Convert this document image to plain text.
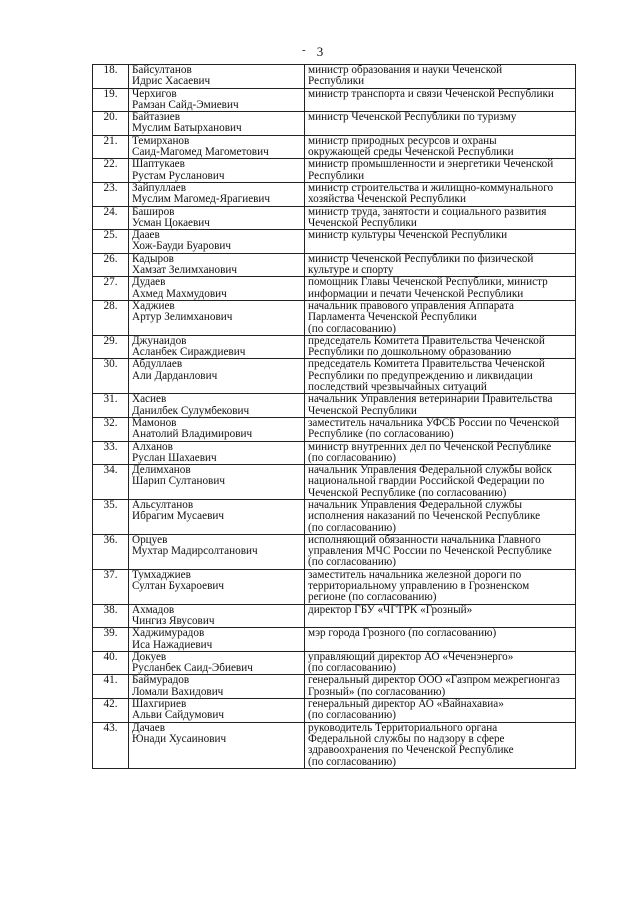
- 3
18.	Байсултанов
Идрис Хасаевич	министр образования и науки Чеченской
Республики

19.	Черхигов
Рамзан Сайд-Эмиевич	министр транспорта и связи Чеченской Республики

20.	Байтазиев
Муслим Батырханович	министр Чеченской Республики по туризму

21.	Темирханов
Саид-Магомед Магометович	министр природных ресурсов и охраны
окружающей среды Чеченской Республики

22.	Шаптукаев
Рустам Русланович	министр промышленности и энергетики Чеченской
Республики

23.	Зайпуллаев
Муслим Магомед-Ярагиевич	министр строительства и жилищно-коммунального
хозяйства Чеченской Республики

24.	Баширов
Усман Цокаевич	министр труда, занятости и социального развития
Чеченской Республики

25.	Дааев
Хож-Бауди Буарович	министр культуры Чеченской Республики

26.	Кадыров
Хамзат Зелимханович	министр Чеченской Республики по физической
культуре и спорту

27.	Дудаев
Ахмед Махмудович	помощник Главы Чеченской Республики, министр
информации и печати Чеченской Республики

28.	Хаджиев
Артур Зелимханович	начальник правового управления Аппарата
Парламента Чеченской Республики
(по согласованию)

29.	Джунаидов
Асланбек Сираждиевич	председатель Комитета Правительства Чеченской
Республики по дошкольному образованию

30.	Абдуллаев
Али Дарданлович	председатель Комитета Правительства Чеченской
Республики по предупреждению и ликвидации
последствий чрезвычайных ситуаций

31.	Хасиев
Данилбек Сулумбекович	начальник Управления ветеринарии Правительства
Чеченской Республики

32.	Мамонов
Анатолий Владимирович	заместитель начальника УФСБ России по Чеченской
Республике (по согласованию)

33.	Алханов
Руслан Шахаевич	министр внутренних дел по Чеченской Республике
(по согласованию)

34.	Делимханов
Шарип Султанович	начальник Управления Федеральной службы войск
национальной гвардии Российской Федерации по
Чеченской Республике (по согласованию)

35.	Альсултанов
Ибрагим Мусаевич	начальник Управления Федеральной службы
исполнения наказаний по Чеченской Республике
(по согласованию)

36.	Орцуев
Мухтар Мадирсолтанович	исполняющий обязанности начальника Главного
управления МЧС России по Чеченской Республике
(по согласованию)

37.	Тумхаджиев
Султан Бухароевич	заместитель начальника железной дороги по
территориальному управлению в Грозненском
регионе (по согласованию)

38.	Ахмадов
Чингиз Явусович	директор ГБУ «ЧГТРК «Грозный»

39.	Хаджимурадов
Иса Нажадиевич	мэр города Грозного (по согласованию)

40.	Докуев
Русланбек Саид-Эбиевич	управляющий директор АО «Чеченэнерго»
(по согласованию)

41.	Баймурадов
Ломали Вахидович	генеральный директор ООО «Газпром межрегионгаз
Грозный» (по согласованию)

42.	Шахгириев
Альви Сайдумович	генеральный директор АО «Вайнахавиа»
(по согласованию)

43.	Дачаев
Юнади Хусаинович	руководитель Территориального органа
Федеральной службы по надзору в сфере
здравоохранения по Чеченской Республике
(по согласованию)
